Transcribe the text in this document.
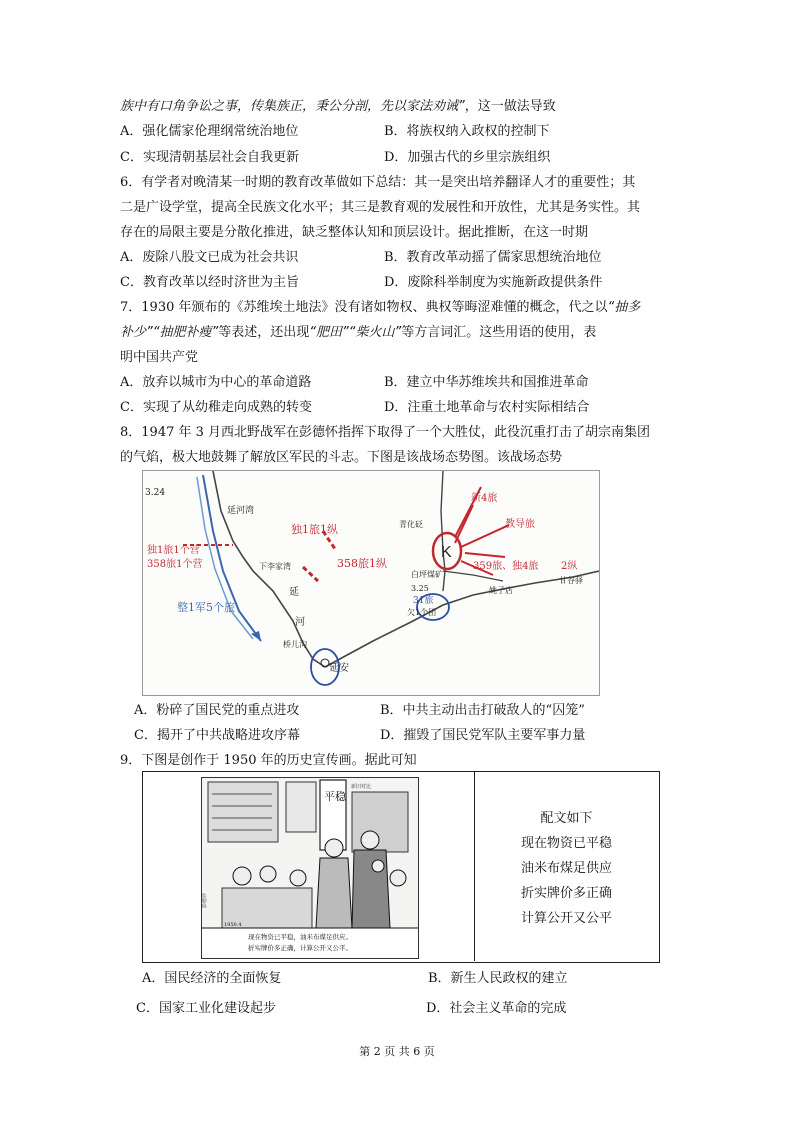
族中有口角争讼之事，传集族正，秉公分剖，先以家法劝诫”，这一做法导致
A．强化儒家伦理纲常统治地位	B．将族权纳入政权的控制下
C．实现清朝基层社会自我更新	D．加强古代的乡里宗族组织
6．有学者对晚清某一时期的教育改革做如下总结：其一是突出培养翻译人才的重要性；其
二是广设学堂，提高全民族文化水平；其三是教育观的发展性和开放性，尤其是务实性。其
存在的局限主要是分散化推进，缺乏整体认知和顶层设计。据此推断，在这一时期
A．废除八股文已成为社会共识	B．教育改革动摇了儒家思想统治地位
C．教育改革以经时济世为主旨	D．废除科举制度为实施新政提供条件
7．1930 年颁布的《苏维埃土地法》没有诸如物权、典权等晦涩难懂的概念，代之以“抽多
补少”“抽肥补瘦”等表述，还出现“肥田”“柴火山”等方言词汇。这些用语的使用，表
明中国共产党
A．放弃以城市为中心的革命道路	B．建立中华苏维埃共和国推进革命
C．实现了从幼稚走向成熟的转变	D．注重土地革命与农村实际相结合
8．1947 年 3 月西北野战军在彭德怀指挥下取得了一个大胜仗，此役沉重打击了胡宗南集团
的气焰，极大地鼓舞了解放区军民的斗志。下图是该战场态势图。该战场态势
K
3.24
延河湾
独1旅1纵
独1旅1个营
358旅1个营	下李家湾	358旅1纵
延
河
整1军5个旅
桥儿沟
延安
新4旅
教导旅
青化砭
白坪煤矿
359旅、独4旅 2纵
3.25
31旅
欠1个团
姚子店
甘谷驿
A．粉碎了国民党的重点进攻	B．中共主动出击打破敌人的“囚笼”
C．揭开了中共战略进攻序幕	D．摧毁了国民党军队主要军事力量
9．下图是创作于 1950 年的历史宣传画。据此可知
平稳
新旧对比
彭德作
1950.4
现在物资已平稳，油米布煤足供应。
折实牌价多正确，计算公开又公平。
配文如下
现在物资已平稳
油米布煤足供应
折实牌价多正确
计算公开又公平
A．国民经济的全面恢复	B．新生人民政权的建立
C．国家工业化建设起步	D．社会主义革命的完成
第 2 页 共 6 页
